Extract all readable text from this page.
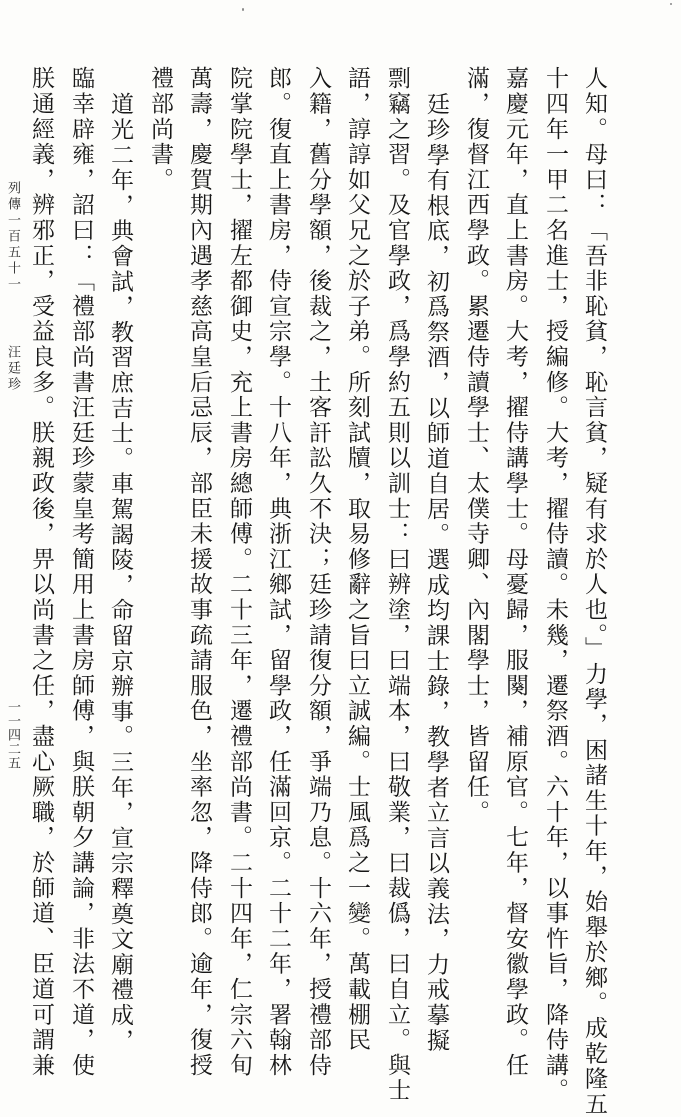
人知。母曰：「吾非恥貧，恥言貧，疑有求於人也。」力學，困諸生十年，始舉於鄉。成乾隆五

十四年一甲二名進士，授編修。大考，擢侍讀。未幾，遷祭酒。六十年，以事忤旨，降侍講。

嘉慶元年，直上書房。大考，擢侍講學士。母憂歸，服闋，補原官。七年，督安徽學政。任

滿，復督江西學政。累遷侍讀學士、太僕寺卿、內閣學士，皆留任。

廷珍學有根底，初爲祭酒，以師道自居。選成均課士錄，教學者立言以義法，力戒摹擬

剽竊之習。及官學政，爲學約五則以訓士：曰辨塗，曰端本，曰敬業，曰裁僞，曰自立。與士

語，諄諄如父兄之於子弟。所刻試牘，取易修辭之旨曰立誠編。士風爲之一變。萬載棚民

入籍，舊分學額，後裁之，土客訐訟久不決；廷珍請復分額，爭端乃息。十六年，授禮部侍

郎。復直上書房，侍宣宗學。十八年，典浙江鄉試，留學政，任滿回京。二十二年，署翰林

院掌院學士，擢左都御史，充上書房總師傅。二十三年，遷禮部尚書。二十四年，仁宗六旬

萬壽，慶賀期內遇孝慈高皇后忌辰，部臣未援故事疏請服色，坐率忽，降侍郎。逾年，復授

禮部尚書。

道光二年，典會試，教習庶吉士。車駕謁陵，命留京辦事。三年，宣宗釋奠文廟禮成，

臨幸辟雍，詔曰：「禮部尚書汪廷珍蒙皇考簡用上書房師傅，與朕朝夕講論，非法不道，使

朕通經義，辨邪正，受益良多。朕親政後，畀以尚書之任，盡心厥職，於師道、臣道可謂兼

列傳一百五十一
汪廷珍
一一四二五
